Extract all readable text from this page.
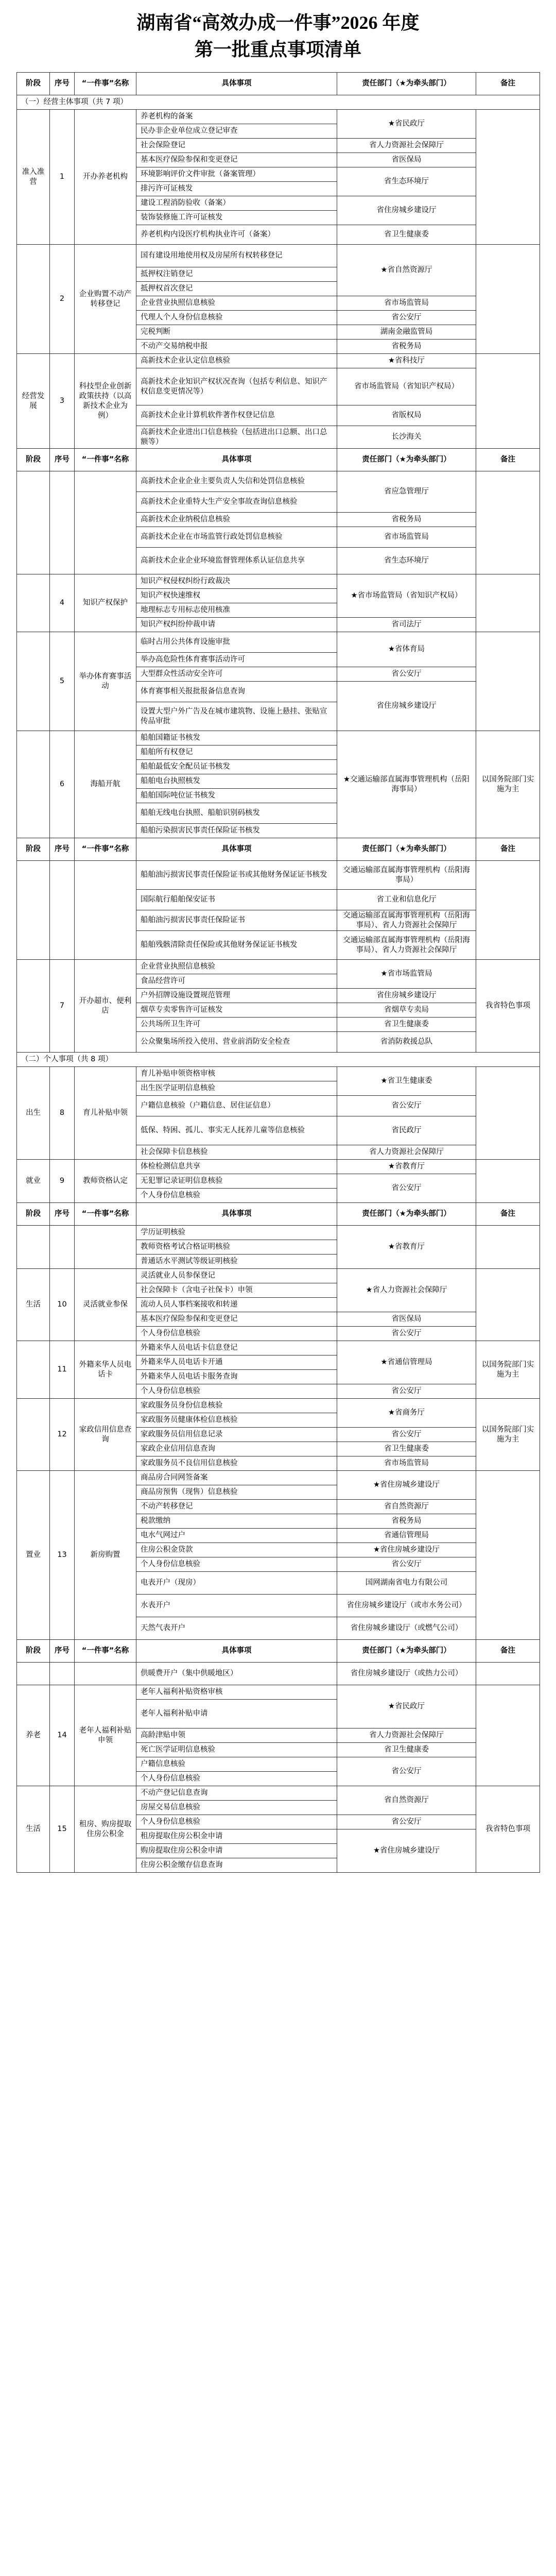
湖南省“高效办成一件事”2026 年度
第一批重点事项清单
阶段	序号	“一件事”名称	具体事项	责任部门（★为牵头部门）	备注
（一）经营主体事项（共 7 项）					
准入准营	1	开办养老机构	养老机构的备案	★省民政厅	
			民办非企业单位成立登记审查		
			社会保险登记	省人力资源社会保障厅	
			基本医疗保险参保和变更登记	省医保局	
			环境影响评价文件审批（备案管理）	省生态环境厅	
			排污许可证核发		
			建设工程消防验收（备案）	省住房城乡建设厅	
			装饰装修施工许可证核发		
			养老机构内设医疗机构执业许可（备案）	省卫生健康委	
	2	企业购置不动产转移登记	国有建设用地使用权及房屋所有权转移登记	★省自然资源厅	
			抵押权注销登记		
			抵押权首次登记		
			企业营业执照信息核验	省市场监管局	
			代理人个人身份信息核验	省公安厅	
			完税判断	湖南金融监管局	
			不动产交易纳税申报	省税务局	
经营发展	3	科技型企业创新政策扶持（以高新技术企业为例）	高新技术企业认定信息核验	★省科技厅	
			高新技术企业知识产权状况查询（包括专利信息、知识产权信息变更情况等）	省市场监管局（省知识产权局）	
			高新技术企业计算机软件著作权登记信息	省版权局	
			高新技术企业进出口信息核验（包括进出口总额、出口总额等）	长沙海关	
阶段	序号	“一件事”名称	具体事项	责任部门（★为牵头部门）	备注
			高新技术企业企业主要负责人失信和处罚信息核验	省应急管理厅	
			高新技术企业重特大生产安全事故查询信息核验		
			高新技术企业纳税信息核验	省税务局	
			高新技术企业在市场监管行政处罚信息核验	省市场监管局	
			高新技术企业企业环境监督管理体系认证信息共享	省生态环境厅	
	4	知识产权保护	知识产权侵权纠纷行政裁决	★省市场监管局（省知识产权局）	
			知识产权快速维权		
			地理标志专用标志使用核准		
			知识产权纠纷仲裁申请	省司法厅	
	5	举办体育赛事活动	临时占用公共体育设施审批	★省体育局	
			举办高危险性体育赛事活动许可		
			大型群众性活动安全许可	省公安厅	
			体育赛事相关报批报备信息查询	省住房城乡建设厅	
			设置大型户外广告及在城市建筑物、设施上悬挂、张贴宣传品审批		
	6	海船开航	船舶国籍证书核发	★交通运输部直属海事管理机构（岳阳海事局）	以国务院部门实施为主
			船舶所有权登记		
			船舶最低安全配员证书核发		
			船舶电台执照核发		
			船舶国际吨位证书核发		
			船舶无线电台执照、船舶识别码核发		
			船舶污染损害民事责任保险证书核发		
阶段	序号	“一件事”名称	具体事项	责任部门（★为牵头部门）	备注
			船舶油污损害民事责任保险证书或其他财务保证证书核发	交通运输部直属海事管理机构（岳阳海事局）	
			国际航行船舶保安证书	省工业和信息化厅	
			船舶油污损害民事责任保险证书	交通运输部直属海事管理机构（岳阳海事局）、省人力资源社会保障厅	
			船舶残骸清除责任保险或其他财务保证证书核发	交通运输部直属海事管理机构（岳阳海事局）、省人力资源社会保障厅	
	7	开办超市、便利店	企业营业执照信息核验	★省市场监管局	我省特色事项
			食品经营许可		
			户外招牌设施设置规范管理	省住房城乡建设厅	
			烟草专卖零售许可证核发	省烟草专卖局	
			公共场所卫生许可	省卫生健康委	
			公众聚集场所投入使用、营业前消防安全检查	省消防救援总队	
（二）个人事项（共 8 项）					
出生	8	育儿补贴申领	育儿补贴申领资格审核	★省卫生健康委	
			出生医学证明信息核验		
			户籍信息核验（户籍信息、居住证信息）	省公安厅	
			低保、特困、孤儿、事实无人抚养儿童等信息核验	省民政厅	
			社会保障卡信息核验	省人力资源社会保障厅	
就业	9	教师资格认定	体检检测信息共享	★省教育厅	
			无犯罪记录证明信息核验	省公安厅	
			个人身份信息核验		
阶段	序号	“一件事”名称	具体事项	责任部门（★为牵头部门）	备注
			学历证明核验	★省教育厅	
			教师资格考试合格证明核验		
			普通话水平测试等级证明核验		
生活	10	灵活就业参保	灵活就业人员参保登记	★省人力资源社会保障厅	
			社会保障卡（含电子社保卡）申领		
			流动人员人事档案接收和转递		
			基本医疗保险参保和变更登记	省医保局	
			个人身份信息核验	省公安厅	
	11	外籍来华人员电话卡	外籍来华人员电话卡信息登记	★省通信管理局	以国务院部门实施为主
			外籍来华人员电话卡开通		
			外籍来华人员电话卡服务查询		
			个人身份信息核验	省公安厅	
	12	家政信用信息查询	家政服务员身份信息核验	★省商务厅	以国务院部门实施为主
			家政服务员健康体检信息核验		
			家政服务员信用信息记录	省公安厅	
			家政企业信用信息查询	省卫生健康委	
			家政服务员不良信用信息核验	省市场监管局	
置业	13	新房购置	商品房合同网签备案	★省住房城乡建设厅	
			商品房预售（现售）信息核验		
			不动产转移登记	省自然资源厅	
			税款缴纳	省税务局	
			电水气网过户	省通信管理局	
			住房公积金贷款	★省住房城乡建设厅	
			个人身份信息核验	省公安厅	
			电表开户（现房）	国网湖南省电力有限公司	
			水表开户	省住房城乡建设厅（或市水务公司）	
			天然气表开户	省住房城乡建设厅（或燃气公司）	
阶段	序号	“一件事”名称	具体事项	责任部门（★为牵头部门）	备注
			供暖费开户（集中供暖地区）	省住房城乡建设厅（或热力公司）	
养老	14	老年人福利补贴申领	老年人福利补贴资格审核	★省民政厅	
			老年人福利补贴申请		
			高龄津贴申领	省人力资源社会保障厅	
			死亡医学证明信息核验	省卫生健康委	
			户籍信息核验	省公安厅	
			个人身份信息核验		
生活	15	租房、购房提取住房公积金	不动产登记信息查询	省自然资源厅	我省特色事项
			房屋交易信息核验		
			个人身份信息核验	省公安厅	
			租房提取住房公积金申请	★省住房城乡建设厅	
			购房提取住房公积金申请		
			住房公积金缴存信息查询		
